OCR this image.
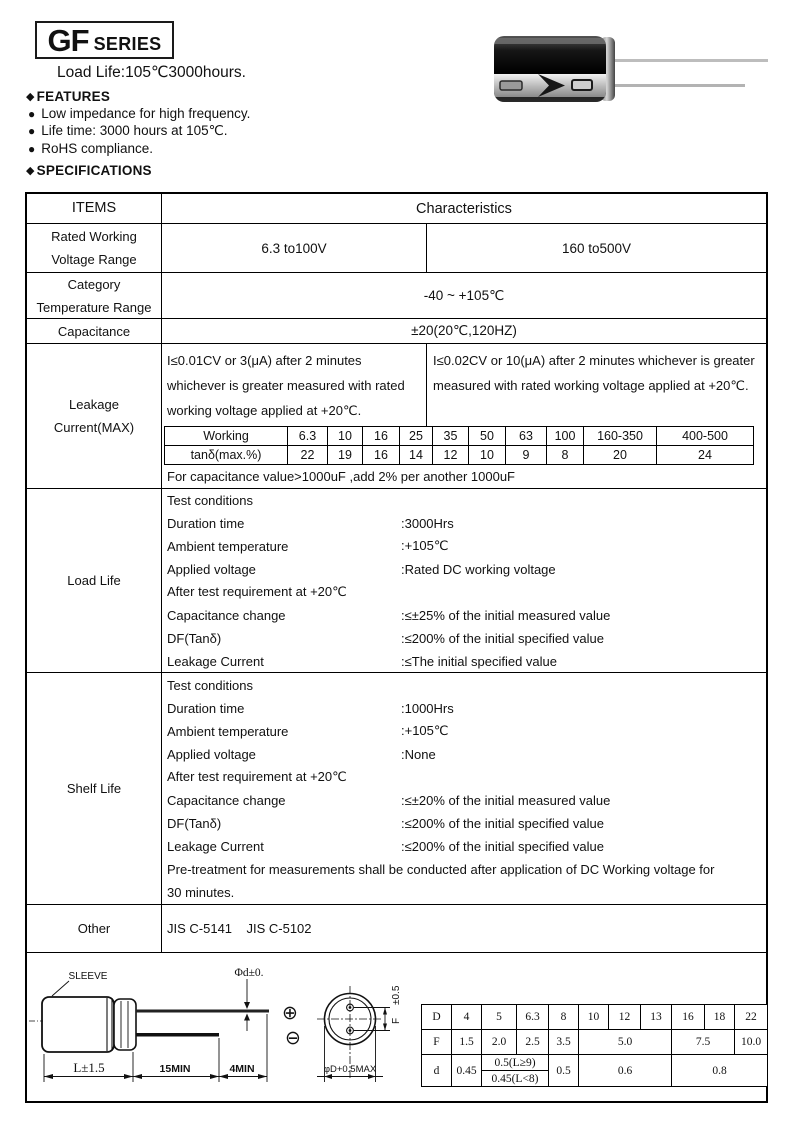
GF SERIES
Load Life:105℃3000hours.
◆ FEATURES
● Low impedance for high frequency.
● Life time: 3000 hours at 105℃.
● RoHS compliance.
◆ SPECIFICATIONS
ITEMS	Characteristics
Rated Working
Voltage Range
6.3 to100V	160 to500V
Category
Temperature Range
-40 ~ +105℃
Capacitance	±20(20℃,120HZ)
Leakage
Current(MAX)
I≤0.01CV or 3(μA) after 2 minutes whichever is greater measured with rated working voltage applied at +20℃.
I≤0.02CV or 10(μA) after 2 minutes whichever is greater measured with rated working voltage applied at +20℃.
Working	6.3	10	16	25	35	50	63	100	160-350	400-500
tanδ(max.%)	22	19	16	14	12	10	9	8	20	24
For capacitance value>1000uF ,add 2% per another 1000uF
Load Life
Test conditions
Duration time	:3000Hrs
Ambient temperature	:+105℃
Applied voltage	:Rated DC working voltage
After test requirement at +20℃
Capacitance change	:≤±25% of the initial measured value
DF(Tanδ)	:≤200% of the initial specified value
Leakage Current	:≤The initial specified value
Shelf Life
Test conditions
Duration time	:1000Hrs
Ambient temperature	:+105℃
Applied voltage	:None
After test requirement at +20℃
Capacitance change	:≤±20% of the initial measured value
DF(Tanδ)	:≤200% of the initial specified value
Leakage Current	:≤200% of the initial specified value
Pre-treatment for measurements shall be conducted after application of DC Working voltage for
30 minutes.
Other	JIS C-5141    JIS C-5102
SLEEVE	Φd±0.
⊕
⊖
L±1.5	15MIN	4MIN
±0.5
F
φD+0.5MAX
D	4	5	6.3	8	10	12	13	16	18	22
F	1.5	2.0	2.5	3.5	5.0			7.5		10.0
d	0.45	0.5(L≥9)		0.5	0.6			0.8		
		0.45(L<8)								
